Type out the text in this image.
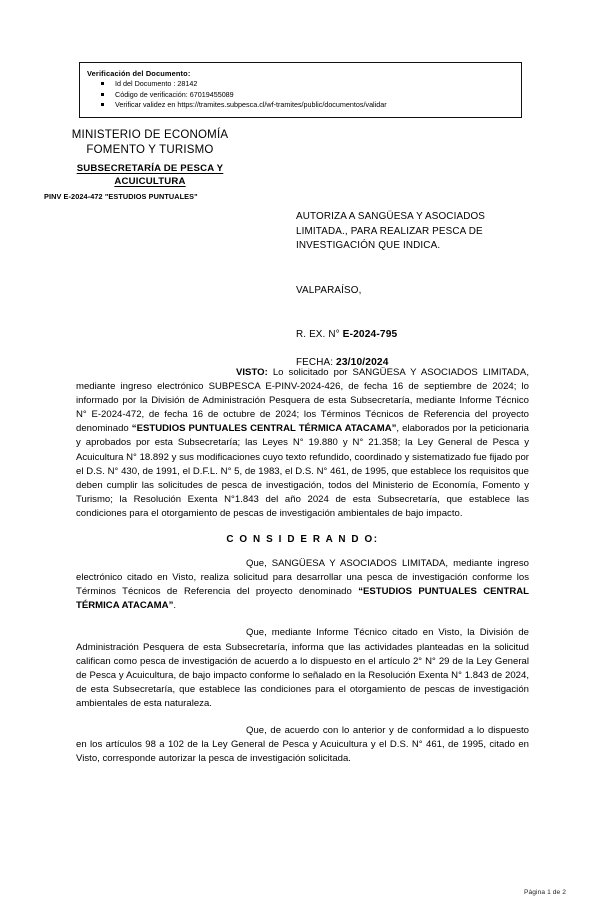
Verificación del Documento:
Id del Documento : 28142
Código de verificación: 67019455089
Verificar validez en https://tramites.subpesca.cl/wf-tramites/public/documentos/validar
MINISTERIO DE ECONOMÍA
FOMENTO Y TURISMO
SUBSECRETARÍA DE PESCA Y
ACUICULTURA
PINV E-2024-472 "ESTUDIOS PUNTUALES"
AUTORIZA A SANGÜESA Y ASOCIADOS LIMITADA., PARA REALIZAR PESCA DE INVESTIGACIÓN QUE INDICA.
VALPARAÍSO,
R. EX. N° E-2024-795
FECHA: 23/10/2024

VISTO: Lo solicitado por SANGÜESA Y ASOCIADOS LIMITADA, mediante ingreso electrónico SUBPESCA E-PINV-2024-426, de fecha 16 de septiembre de 2024; lo informado por la División de Administración Pesquera de esta Subsecretaría, mediante Informe Técnico N° E-2024-472, de fecha 16 de octubre de 2024; los Términos Técnicos de Referencia del proyecto denominado “ESTUDIOS PUNTUALES CENTRAL TÉRMICA ATACAMA”, elaborados por la peticionaria y aprobados por esta Subsecretaría; las Leyes N° 19.880 y N° 21.358; la Ley General de Pesca y Acuicultura N° 18.892 y sus modificaciones cuyo texto refundido, coordinado y sistematizado fue fijado por el D.S. N° 430, de 1991, el D.F.L. N° 5, de 1983, el D.S. N° 461, de 1995, que establece los requisitos que deben cumplir las solicitudes de pesca de investigación, todos del Ministerio de Economía, Fomento y Turismo; la Resolución Exenta N°1.843 del año 2024 de esta Subsecretaría, que establece las condiciones para el otorgamiento de pescas de investigación ambientales de bajo impacto.

C O N S I D E R A N D O:

Que, SANGÜESA Y ASOCIADOS LIMITADA, mediante ingreso electrónico citado en Visto, realiza solicitud para desarrollar una pesca de investigación conforme los Términos Técnicos de Referencia del proyecto denominado “ESTUDIOS PUNTUALES CENTRAL TÉRMICA ATACAMA”.

Que, mediante Informe Técnico citado en Visto, la División de Administración Pesquera de esta Subsecretaría, informa que las actividades planteadas en la solicitud califican como pesca de investigación de acuerdo a lo dispuesto en el artículo 2° N° 29 de la Ley General de Pesca y Acuicultura, de bajo impacto conforme lo señalado en la Resolución Exenta N° 1.843 de 2024, de esta Subsecretaría, que establece las condiciones para el otorgamiento de pescas de investigación ambientales de esta naturaleza.

Que, de acuerdo con lo anterior y de conformidad a lo dispuesto en los artículos 98 a 102 de la Ley General de Pesca y Acuicultura y el D.S. N° 461, de 1995, citado en Visto, corresponde autorizar la pesca de investigación solicitada.

Página 1 de 2
